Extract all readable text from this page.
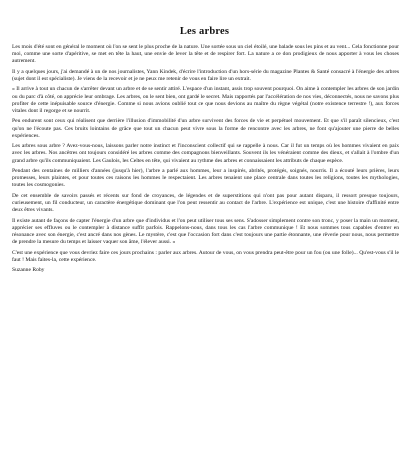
Les arbres

Les mois d'été sont en général le moment où l'on se sent le plus proche de la nature. Une sortée sous un ciel étoilé, une balade sous les pins et au vent... Cela fonctionne pour moi, comme une sorte d'apéritive, se met en tête la haut, une envie de lever la tête et de respirer fort. La nature a ce don prodigieux de nous apporter à vous les choses autrement.

Il y a quelques jours, j'ai demandé à un de nos journalistes, Yann Kindek, d'écrire l'introduction d'un hors-série du magazine Plantes & Santé consacré à l'énergie des arbres (sujet dont il est spécialiste). Je viens de la recevoir et je ne peux me retenir de vous en faire lire un extrait.

« Il arrive à tout un chacun de s'arrêter devant un arbre et de se sentir attiré. L'espace d'un instant, assis trop souvent pourquoi. On aime à contempler les arbres de son jardin ou du parc d'à côté, on apprécie leur ombrage. Les arbres, on le sent bien, ont gardé le secret. Mais rapportés par l'accélération de nos vies, déconnectés, nous ne savons plus profiter de cette inépuisable source d'énergie. Comme si nous avions oublié tout ce que nous devions au maître du règne végétal (notre existence terrestre !), aux forces vitales dont il regorge et se nourrit.

Peu endurent sont ceux qui réalisent que derrière l'illusion d'immobilité d'un arbre survivent des forces de vie et perpétuel mouvement. Et que s'il paraît silencieux, c'est qu'on ne l'écoute pas. Ces bruits lointains de grâce que tout un chacun peut vivre sous la forme de rencontre avec les arbres, ne font qu'ajouter une pierre de belles expériences.

Les arbres sous arbre ? Avez-vous-nous, laissons parler notre instinct et l'inconscient collectif qui se rappelle à nous. Car il fut un temps où les hommes vivaient en paix avec les arbres. Nos ancêtres ont toujours considéré les arbres comme des compagnons bienveillants. Souvent ils les vénéraient comme des dieux, et s'allait à l'ombre d'un grand arbre qu'ils communiquaient. Les Gaulois, les Celtes en tête, qui vivaient au rythme des arbres et connaissaient les attributs de chaque espèce.

Pendant des centaines de milliers d'années (jusqu'à hier), l'arbre a parlé aux hommes, leur a inspirés, abrités, protégés, soignés, nourris. Il a écouté leurs prières, leurs promesses, leurs plaintes, et pour toutes ces raisons les hommes le respectaient. Les arbres tenaient une place centrale dans toutes les religions, toutes les mythologies, toutes les cosmogonies.

De cet ensemble de savoirs passés et récents sur fond de croyances, de légendes et de superstitions qui n'ont pas pour autant disparu, il ressort presque toujours, curieusement, un fil conducteur, un caractère énergétique dominant que l'on peut ressentir au contact de l'arbre. L'expérience est unique, c'est une histoire d'affinité entre deux êtres vivants.

Il existe autant de façons de capter l'énergie d'un arbre que d'individus et l'on peut utiliser tous ses sens. S'adosser simplement contre son tronc, y poser la main un moment, apprécier ses effluves ou le contempler à distance suffit parfois. Rappelons-nous, dans tous les cas l'arbre communique ! Et nous sommes tous capables d'entrer en résonance avec son énergie, c'est ancré dans nos gènes. Le mystère, c'est que l'occasion fort dans c'est toujours une partie étonnante, une rêverie pour nous, nous permettre de prendre la mesure du temps et laisser vaquer son âme, l'élever aussi. »

C'est une expérience que vous devriez faire ces jours prochains : parler aux arbres. Autour de vous, on vous prendra peut-être pour un fou (ou une folle)... Qu'est-vous s'il le faut ! Mais faites-la, cette expérience.

Suzanne Roby
